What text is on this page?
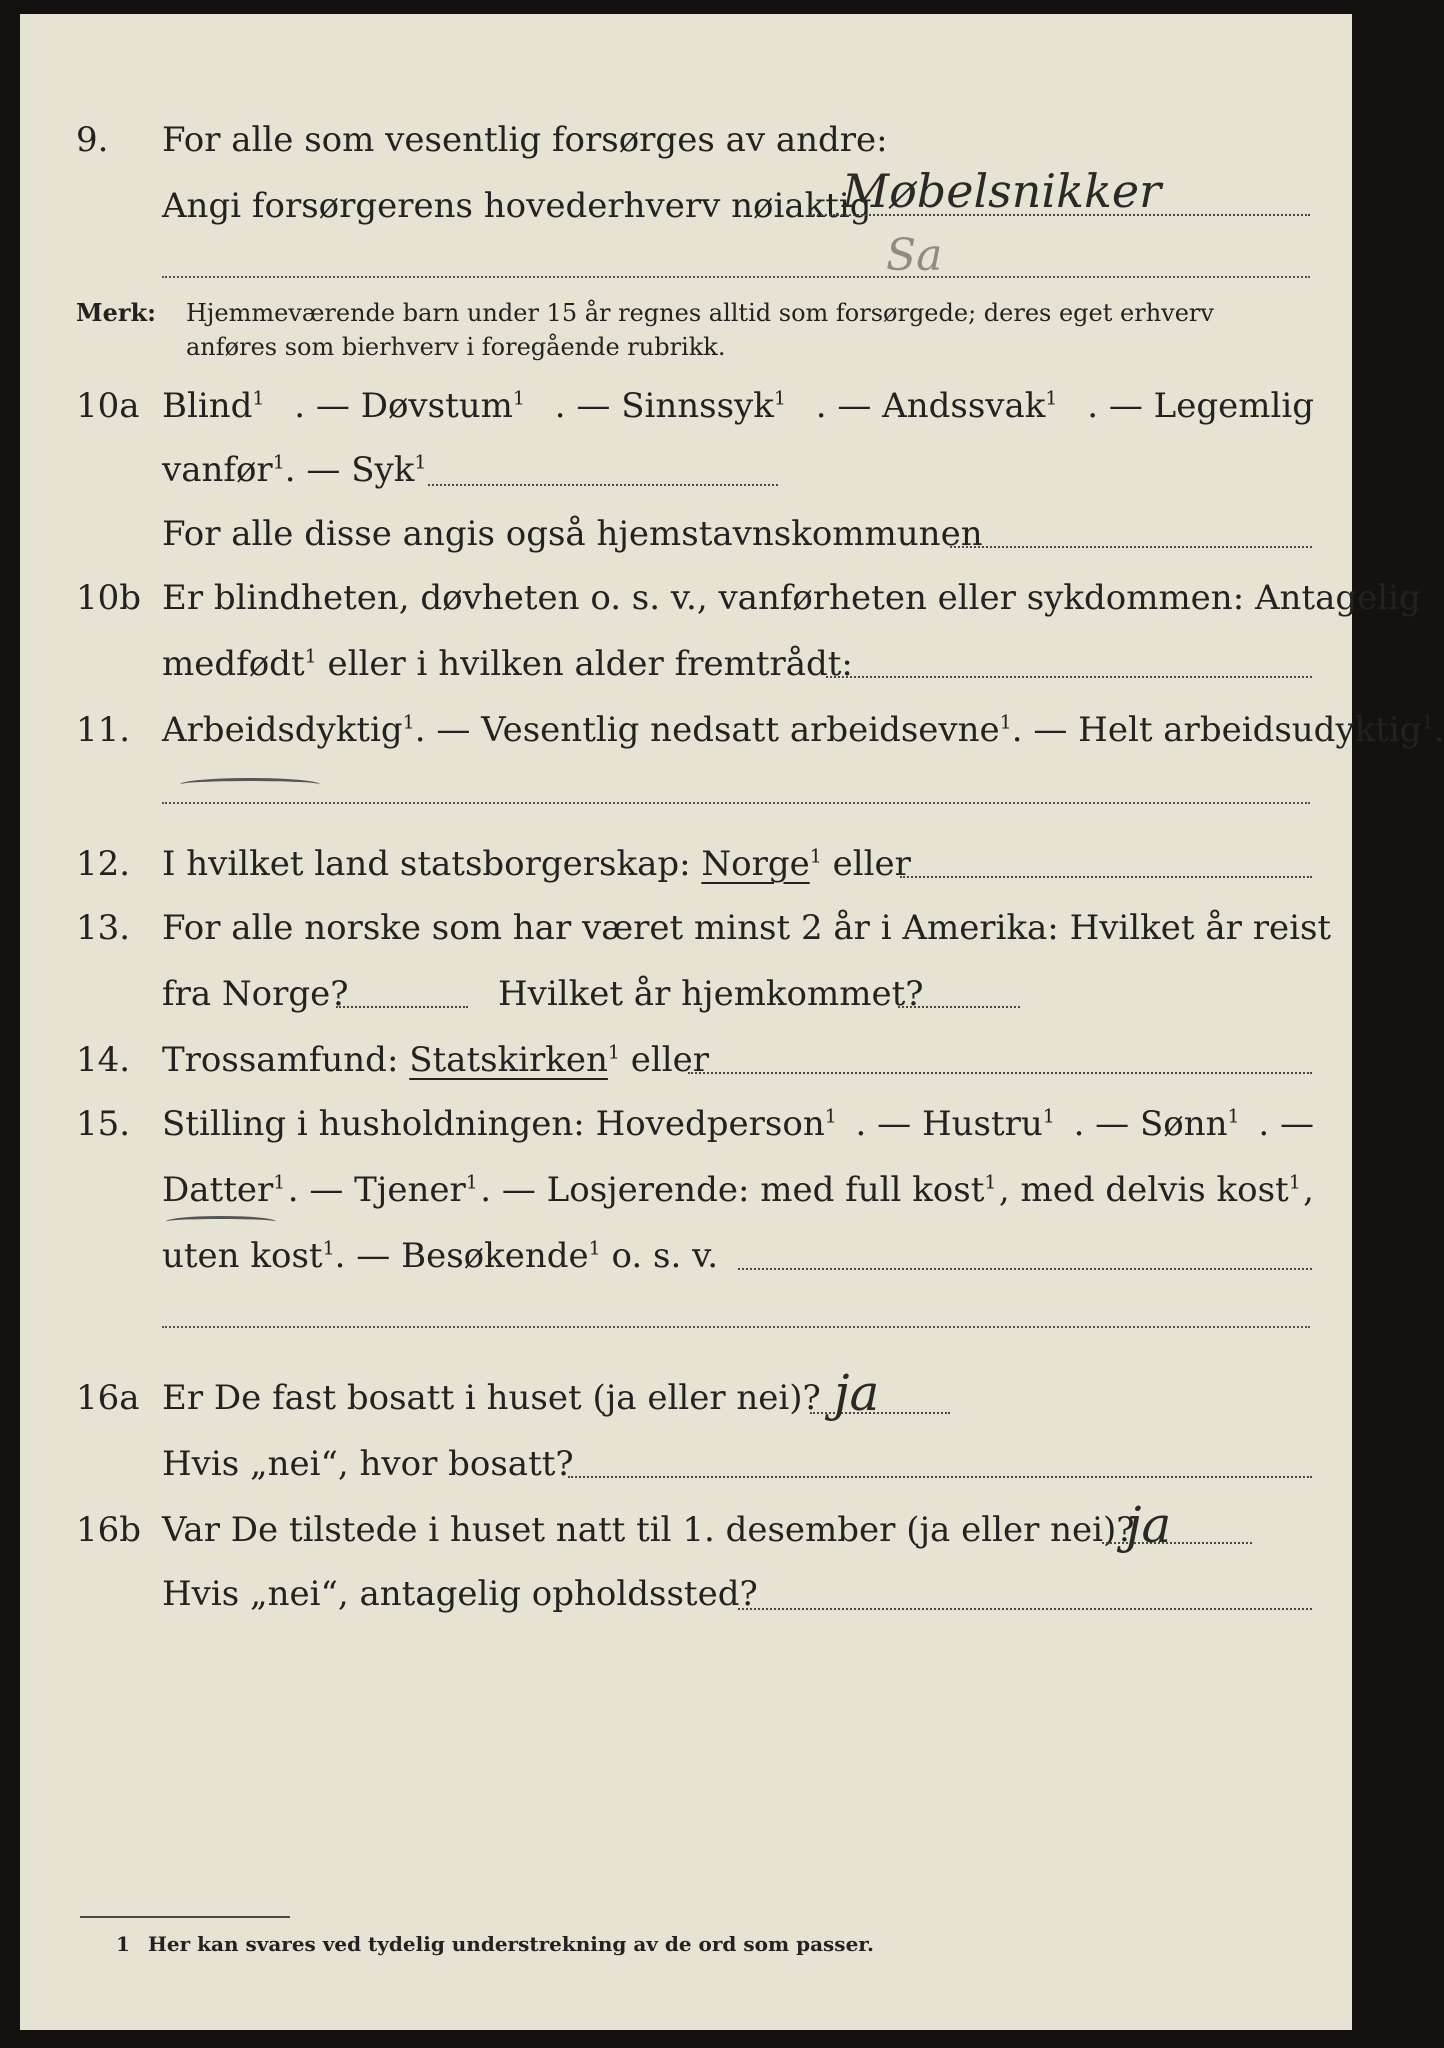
9. For alle som vesentlig forsørges av andre:
Angi forsørgerens hovederhverv nøiaktig
Møbelsnikker
Sa
Merk: Hjemmeværende barn under 15 år regnes alltid som forsørgede; deres eget erhverv
anføres som bierhverv i foregående rubrikk.
10a Blind$^1$ . — Døvstum$^1$ . — Sinnssyk$^1$ . — Andssvak$^1$ . — Legemlig
vanfør$^1$. — Syk$^1$
For alle disse angis også hjemstavnskommunen
10b Er blindheten, døvheten o. s. v., vanførheten eller sykdommen: Antagelig
medfødt$^1$ eller i hvilken alder fremtrådt:
11. Arbeidsdyktig$^1$. — Vesentlig nedsatt arbeidsevne$^1$. — Helt arbeidsudyktig$^1$.
12. I hvilket land statsborgerskap: Norge$^1$ eller
13. For alle norske som har været minst 2 år i Amerika: Hvilket år reist
fra Norge?	Hvilket år hjemkommet?
14. Trossamfund: Statskirken$^1$ eller
15. Stilling i husholdningen: Hovedperson$^1$ . — Hustru$^1$ . — Sønn$^1$ . —
Datter$^1$ . — Tjener$^1$ . — Losjerende: med full kost$^1$ , med delvis kost$^1$ ,
uten kost$^1$. — Besøkende$^1$ o. s. v.
16a Er De fast bosatt i huset (ja eller nei)? ja
Hvis „nei“, hvor bosatt?
16b Var De tilstede i huset natt til 1. desember (ja eller nei)?
ja
Hvis „nei“, antagelig opholdssted?
1 Her kan svares ved tydelig understrekning av de ord som passer.
